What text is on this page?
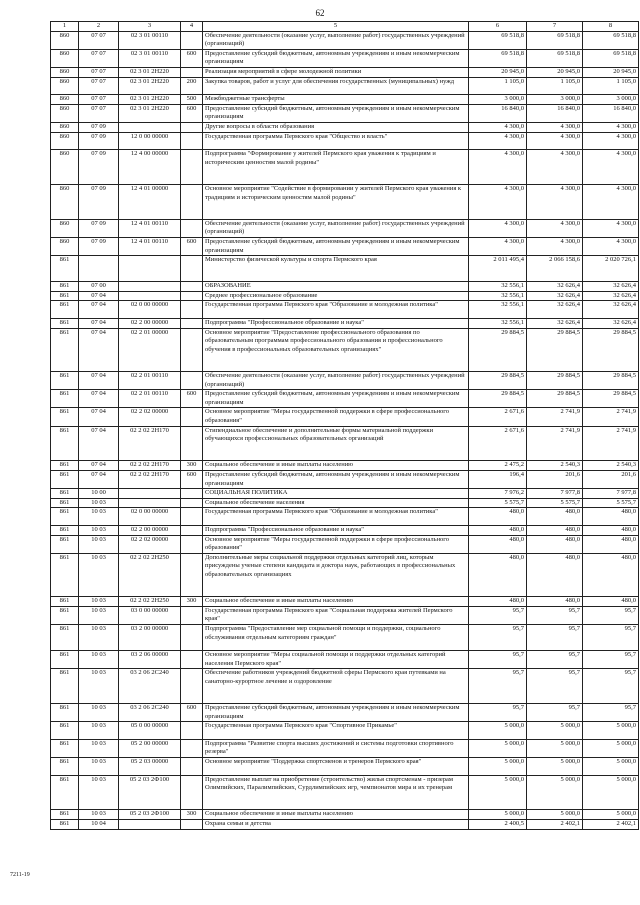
62
1	2	3	4	5	6	7	8
860	07 07	02 3 01 00110		Обеспечение деятельности (оказание услуг, выполнение работ) государственных учреждений (организаций)	69 518,8	69 518,8	69 518,8
860	07 07	02 3 01 00110	600	Предоставление субсидий бюджетным, автономным учреждениям и иным некоммерческим организациям	69 518,8	69 518,8	69 518,8
860	07 07	02 3 01 2Н220		Реализация мероприятий в сфере молодежной политики	20 945,0	20 945,0	20 945,0
860	07 07	02 3 01 2Н220	200	Закупка товаров, работ и услуг для обеспечения государственных (муниципальных) нужд	1 105,0	1 105,0	1 105,0
860	07 07	02 3 01 2Н220	500	Межбюджетные трансферты	3 000,0	3 000,0	3 000,0
860	07 07	02 3 01 2Н220	600	Предоставление субсидий бюджетным, автономным учреждениям и иным некоммерческим организациям	16 840,0	16 840,0	16 840,0
860	07 09			Другие вопросы в области образования	4 300,0	4 300,0	4 300,0
860	07 09	12 0 00 00000		Государственная программа Пермского края "Общество и власть"	4 300,0	4 300,0	4 300,0
860	07 09	12 4 00 00000		Подпрограмма "Формирование у жителей Пермского края уважения к традициям и историческим ценностям малой родины"	4 300,0	4 300,0	4 300,0
860	07 09	12 4 01 00000		Основное мероприятие "Содействие в формировании у жителей Пермского края уважения к традициям и историческим ценностям малой родины"	4 300,0	4 300,0	4 300,0
860	07 09	12 4 01 00110		Обеспечение деятельности (оказание услуг, выполнение работ) государственных учреждений (организаций)	4 300,0	4 300,0	4 300,0
860	07 09	12 4 01 00110	600	Предоставление субсидий бюджетным, автономным учреждениям и иным некоммерческим организациям	4 300,0	4 300,0	4 300,0
861				Министерство физической культуры и спорта Пермского края	2 011 495,4	2 066 158,6	2 020 726,1
861	07 00			ОБРАЗОВАНИЕ	32 556,1	32 626,4	32 626,4
861	07 04			Среднее профессиональное образование	32 556,1	32 626,4	32 626,4
861	07 04	02 0 00 00000		Государственная программа Пермского края "Образование и молодежная политика"	32 556,1	32 626,4	32 626,4
861	07 04	02 2 00 00000		Подпрограмма "Профессиональное образование и наука"	32 556,1	32 626,4	32 626,4
861	07 04	02 2 01 00000		Основное мероприятие "Предоставление профессионального образования по образовательным программам профессионального образования и профессионального обучения в профессиональных образовательных организациях"	29 884,5	29 884,5	29 884,5
861	07 04	02 2 01 00110		Обеспечение деятельности (оказание услуг, выполнение работ) государственных учреждений (организаций)	29 884,5	29 884,5	29 884,5
861	07 04	02 2 01 00110	600	Предоставление субсидий бюджетным, автономным учреждениям и иным некоммерческим организациям	29 884,5	29 884,5	29 884,5
861	07 04	02 2 02 00000		Основное мероприятие "Меры государственной поддержки в сфере профессионального образования"	2 671,6	2 741,9	2 741,9
861	07 04	02 2 02 2Н170		Стипендиальное обеспечение и дополнительные формы материальной поддержки обучающихся профессиональных образовательных организаций	2 671,6	2 741,9	2 741,9
861	07 04	02 2 02 2Н170	300	Социальное обеспечение и иные выплаты населению	2 475,2	2 540,3	2 540,3
861	07 04	02 2 02 2Н170	600	Предоставление субсидий бюджетным, автономным учреждениям и иным некоммерческим организациям	196,4	201,6	201,6
861	10 00			СОЦИАЛЬНАЯ ПОЛИТИКА	7 976,2	7 977,8	7 977,8
861	10 03			Социальное обеспечение населения	5 575,7	5 575,7	5 575,7
861	10 03	02 0 00 00000		Государственная программа Пермского края "Образование и молодежная политика"	480,0	480,0	480,0
861	10 03	02 2 00 00000		Подпрограмма "Профессиональное образование и наука"	480,0	480,0	480,0
861	10 03	02 2 02 00000		Основное мероприятие "Меры государственной поддержки в сфере профессионального образования"	480,0	480,0	480,0
861	10 03	02 2 02 2Н250		Дополнительные меры социальной поддержки отдельных категорий лиц, которым присуждены ученые степени кандидата и доктора наук, работающих в профессиональных образовательных организациях	480,0	480,0	480,0
861	10 03	02 2 02 2Н250	300	Социальное обеспечение и иные выплаты населению	480,0	480,0	480,0
861	10 03	03 0 00 00000		Государственная программа Пермского края "Социальная поддержка жителей Пермского края"	95,7	95,7	95,7
861	10 03	03 2 00 00000		Подпрограмма "Предоставление мер социальной помощи и поддержки, социального обслуживания отдельным категориям граждан"	95,7	95,7	95,7
861	10 03	03 2 06 00000		Основное мероприятие "Меры социальной помощи и поддержки отдельных категорий населения Пермского края"	95,7	95,7	95,7
861	10 03	03 2 06 2С240		Обеспечение работников учреждений бюджетной сферы Пермского края путевками на санаторно-курортное лечение и оздоровление	95,7	95,7	95,7
861	10 03	03 2 06 2С240	600	Предоставление субсидий бюджетным, автономным учреждениям и иным некоммерческим организациям	95,7	95,7	95,7
861	10 03	05 0 00 00000		Государственная программа Пермского края "Спортивное Прикамье"	5 000,0	5 000,0	5 000,0
861	10 03	05 2 00 00000		Подпрограмма "Развитие спорта высших достижений и системы подготовки спортивного резерва"	5 000,0	5 000,0	5 000,0
861	10 03	05 2 03 00000		Основное мероприятие "Поддержка спортсменов и тренеров Пермского края"	5 000,0	5 000,0	5 000,0
861	10 03	05 2 03 2Ф100		Предоставление выплат на приобретение (строительство) жилья спортсменам - призерам Олимпийских, Паралимпийских, Сурдлимпийских игр, чемпионатов мира и их тренерам	5 000,0	5 000,0	5 000,0
861	10 03	05 2 03 2Ф100	300	Социальное обеспечение и иные выплаты населению	5 000,0	5 000,0	5 000,0
861	10 04			Охрана семьи и детства	2 400,5	2 402,1	2 402,1
7211-19
